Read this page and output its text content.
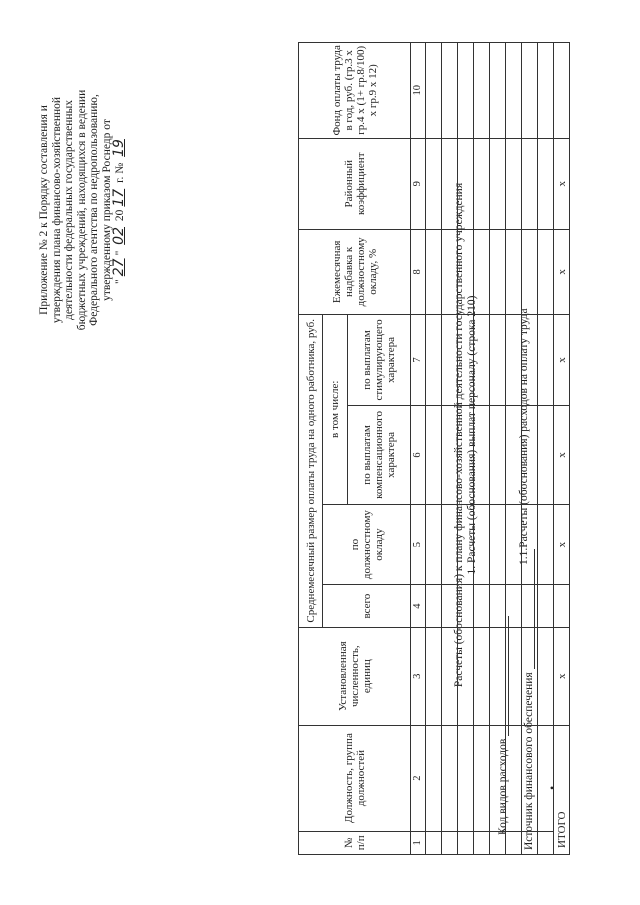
Приложение № 2 к Порядку составления и утверждения плана финансово-хозяйственной деятельности федеральных государственных бюджетных учреждений, находящихся в ведении Федерального агентства по недропользованию, утвержденному приказом Роснедр от "27" 02 2017 г. № 19
Расчеты (обоснования) к плану финансово-хозяйственной деятельности государственного учреждения 1. Расчеты (обоснования) выплат персоналу (строка 210)
Код видов расходов Источник финансового обеспечения
1.1.Расчеты (обоснования) расходов на оплату труда
•
№ п/п	Должность, группа должностей	Установленная численность, единиц	Среднемесячный размер оплаты труда на одного работника, руб.				Ежемесячная надбавка к должностному окладу, %	Районный коэффициент	Фонд оплаты труда в год, руб. (гр.3 х гр.4 х (1+ гр.8/100) х гр.9 х 12)
			всего	по должностному окладу	в том числе:				
					по выплатам компенсационного характера	по выплатам стимулирующего характера			
1	2	3	4	5	6	7	8	9	10

ИТОГО		х		х	х	х	х	х	
